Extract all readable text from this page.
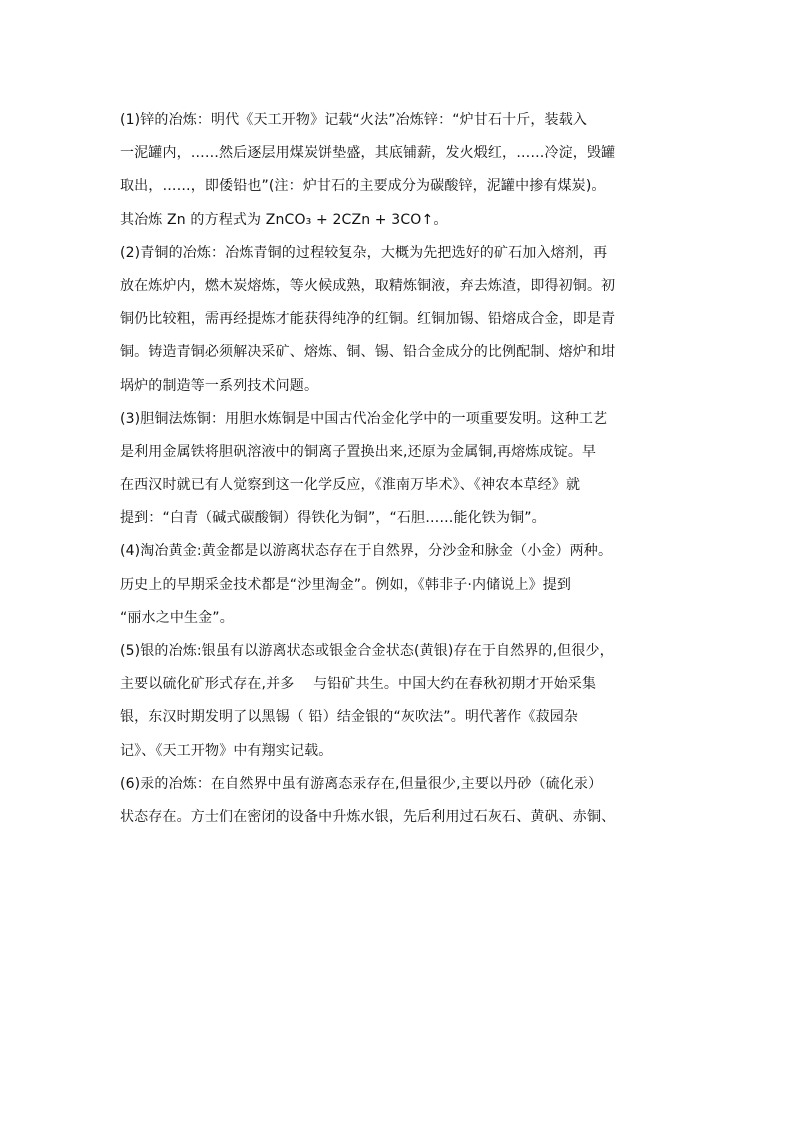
(1)锌的冶炼：明代《天工开物》记载“火法”冶炼锌：“炉甘石十斤，装载入
一泥罐内，……然后逐层用煤炭饼垫盛，其底铺薪，发火煅红，……冷淀，毁罐
取出，……，即倭铅也”(注：炉甘石的主要成分为碳酸锌，泥罐中掺有煤炭)。
其冶炼 Zn 的方程式为 ZnCO₃ + 2CZn + 3CO↑。
(2)青铜的冶炼：冶炼青铜的过程较复杂，大概为先把选好的矿石加入熔剂，再
放在炼炉内，燃木炭熔炼，等火候成熟，取精炼铜液，弃去炼渣，即得初铜。初
铜仍比较粗，需再经提炼才能获得纯净的红铜。红铜加锡、铅熔成合金，即是青
铜。铸造青铜必须解决采矿、熔炼、铜、锡、铅合金成分的比例配制、熔炉和坩
埚炉的制造等一系列技术问题。
(3)胆铜法炼铜：用胆水炼铜是中国古代冶金化学中的一项重要发明。这种工艺
是利用金属铁将胆矾溶液中的铜离子置换出来,还原为金属铜,再熔炼成锭。早
在西汉时就已有人觉察到这一化学反应，《淮南万毕术》、《神农本草经》就
提到：“白青（碱式碳酸铜）得铁化为铜”，“石胆……能化铁为铜”。
(4)淘冶黄金:黄金都是以游离状态存在于自然界，分沙金和脉金（小金）两种。
历史上的早期采金技术都是“沙里淘金”。例如，《韩非子·内储说上》提到
“丽水之中生金”。
(5)银的冶炼:银虽有以游离状态或银金合金状态(黄银)存在于自然界的,但很少，
主要以硫化矿形式存在,并多　 与铅矿共生。中国大约在春秋初期才开始采集
银，东汉时期发明了以黑锡（ 铅）结金银的“灰吹法”。明代著作《菽园杂
记》、《天工开物》中有翔实记载。
(6)汞的冶炼：在自然界中虽有游离态汞存在,但量很少,主要以丹砂（硫化汞）
状态存在。方士们在密闭的设备中升炼水银，先后利用过石灰石、黄矾、赤铜、
